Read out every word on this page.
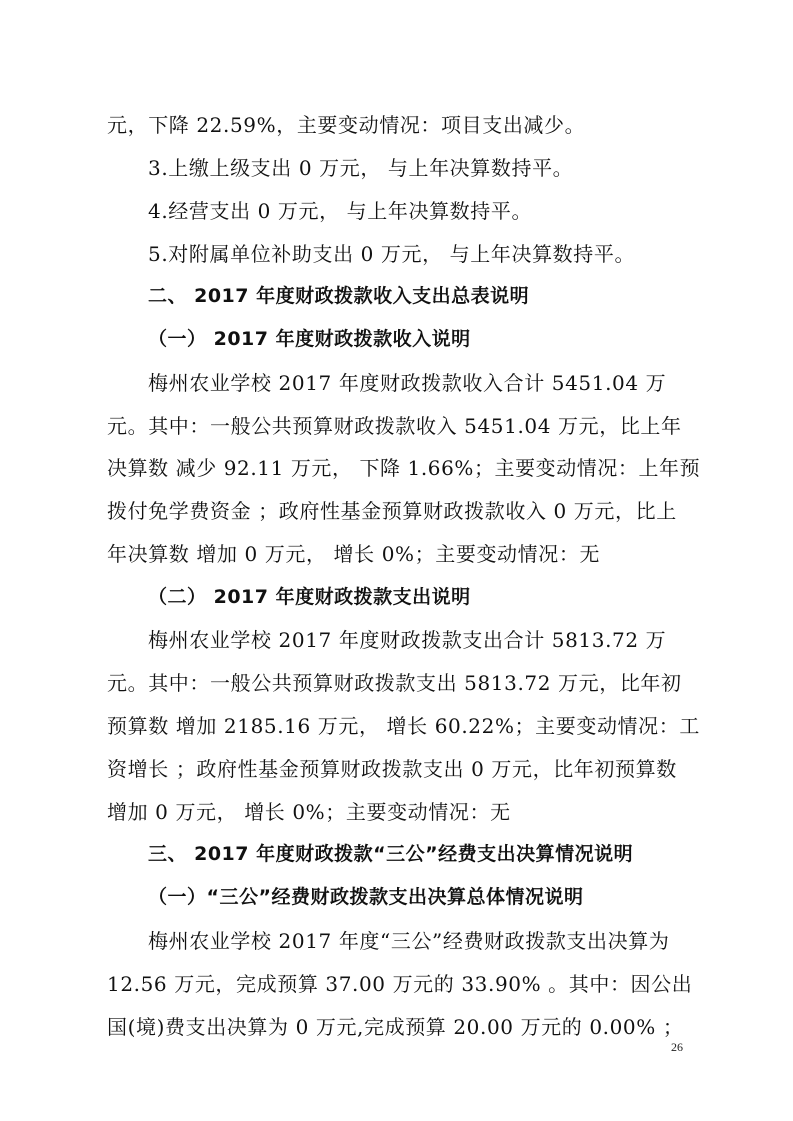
元，下降 22.59%，主要变动情况：项目支出减少。
3.上缴上级支出 0 万元， 与上年决算数持平。
4.经营支出 0 万元， 与上年决算数持平。
5.对附属单位补助支出 0 万元， 与上年决算数持平。
二、 2017 年度财政拨款收入支出总表说明
（一） 2017 年度财政拨款收入说明
梅州农业学校 2017 年度财政拨款收入合计 5451.04 万
元。其中：一般公共预算财政拨款收入 5451.04 万元，比上年
决算数 减少 92.11 万元， 下降 1.66%；主要变动情况：上年预
拨付免学费资金 ；政府性基金预算财政拨款收入 0 万元，比上
年决算数 增加 0 万元， 增长 0%；主要变动情况：无
（二） 2017 年度财政拨款支出说明
梅州农业学校 2017 年度财政拨款支出合计 5813.72 万
元。其中：一般公共预算财政拨款支出 5813.72 万元，比年初
预算数 增加 2185.16 万元， 增长 60.22%；主要变动情况：工
资增长 ；政府性基金预算财政拨款支出 0 万元，比年初预算数
增加 0 万元， 增长 0%；主要变动情况：无
三、 2017 年度财政拨款“三公”经费支出决算情况说明
（一）“三公”经费财政拨款支出决算总体情况说明
梅州农业学校 2017 年度“三公”经费财政拨款支出决算为
12.56 万元，完成预算 37.00 万元的 33.90% 。其中：因公出
国(境)费支出决算为 0 万元,完成预算 20.00 万元的 0.00% ；
26
